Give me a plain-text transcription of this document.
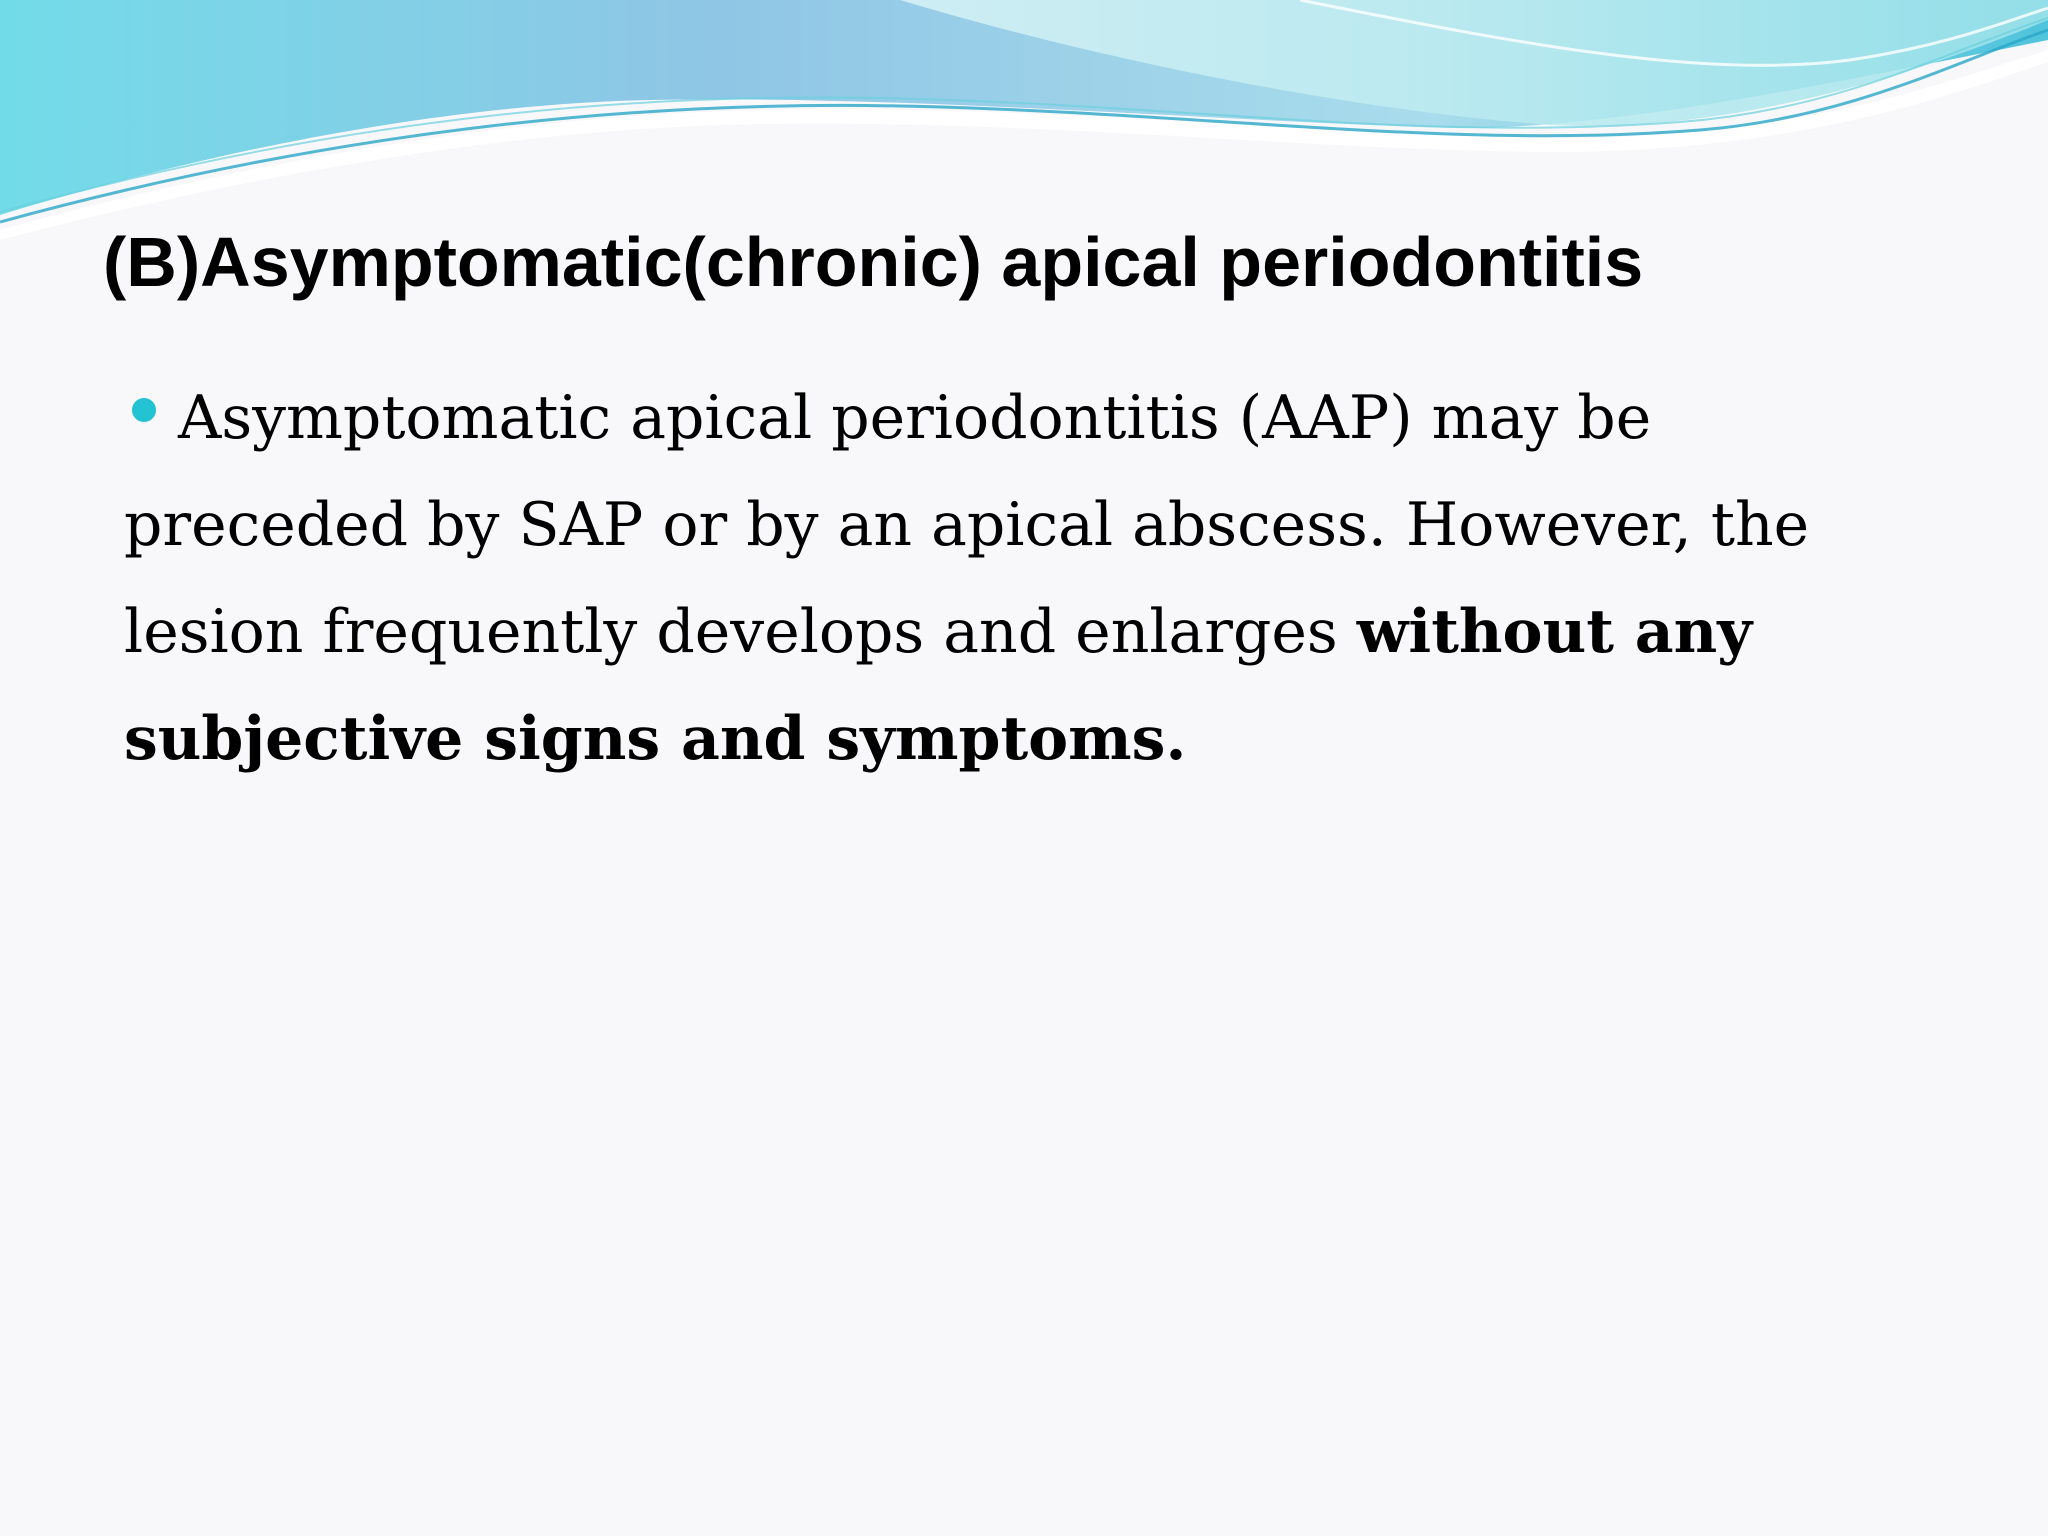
(B)Asymptomatic(chronic) apical periodontitis

Asymptomatic apical periodontitis (AAP) may be preceded by SAP or by an apical abscess. However, the lesion frequently develops and enlarges without any subjective signs and symptoms.
